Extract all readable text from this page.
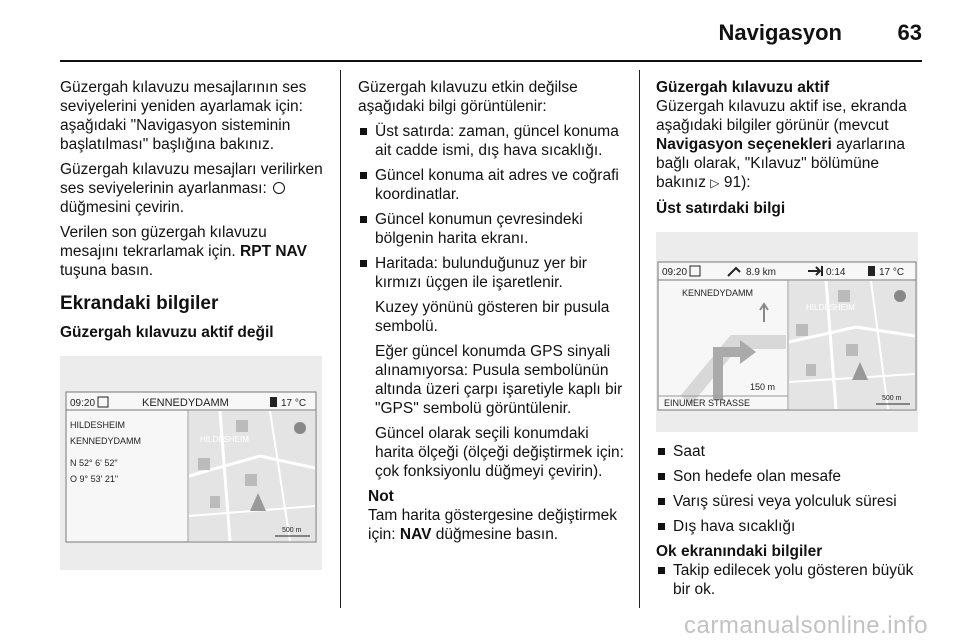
Navigasyon	63

Güzergah kılavuzu mesajlarının ses seviyelerini yeniden ayarlamak için: aşağıdaki "Navigasyon sisteminin başlatılması" başlığına bakınız.

Güzergah kılavuzu mesajları verilirken ses seviyelerinin ayarlanması:  düğmesini çevirin.

Verilen son güzergah kılavuzu mesajını tekrarlamak için. RPT NAV tuşuna basın.

Ekrandaki bilgiler
Güzergah kılavuzu aktif değil
09:20	KENNEDYDAMM	17 °C
HILDESHEIM
KENNEDYDAMM
N 52° 6' 52"
O 9° 53' 21"
HILDESHEIM
500 m

Güzergah kılavuzu etkin değilse aşağıdaki bilgi görüntülenir:

Üst satırda: zaman, güncel konuma ait cadde ismi, dış hava sıcaklığı.
Güncel konuma ait adres ve coğrafi koordinatlar.
Güncel konumun çevresindeki bölgenin harita ekranı.
Haritada: bulunduğunuz yer bir kırmızı üçgen ile işaretlenir.
Kuzey yönünü gösteren bir pusula sembolü.
Eğer güncel konumda GPS sinyali alınamıyorsa: Pusula sembolünün altında üzeri çarpı işaretiyle kaplı bir "GPS" sembolü görüntülenir.
Güncel olarak seçili konumdaki harita ölçeği (ölçeği değiştirmek için: çok fonksiyonlu düğmeyi çevirin).
Not

Tam harita göstergesine değiştirmek için: NAV düğmesine basın.

Güzergah kılavuzu aktif

Güzergah kılavuzu aktif ise, ekranda aşağıdaki bilgiler görünür (mevcut Navigasyon seçenekleri ayarlarına bağlı olarak, "Kılavuz" bölümüne bakınız ▷ 91):

Üst satırdaki bilgi
09:20	8.9 km	0:14	17 °C
KENNEDYDAMM
150 m
EINUMER STRASSE
HILDESHEIM
500 m
Saat
Son hedefe olan mesafe
Varış süresi veya yolculuk süresi
Dış hava sıcaklığı
Ok ekranındaki bilgiler
Takip edilecek yolu gösteren büyük bir ok.
carmanualsonline.info
